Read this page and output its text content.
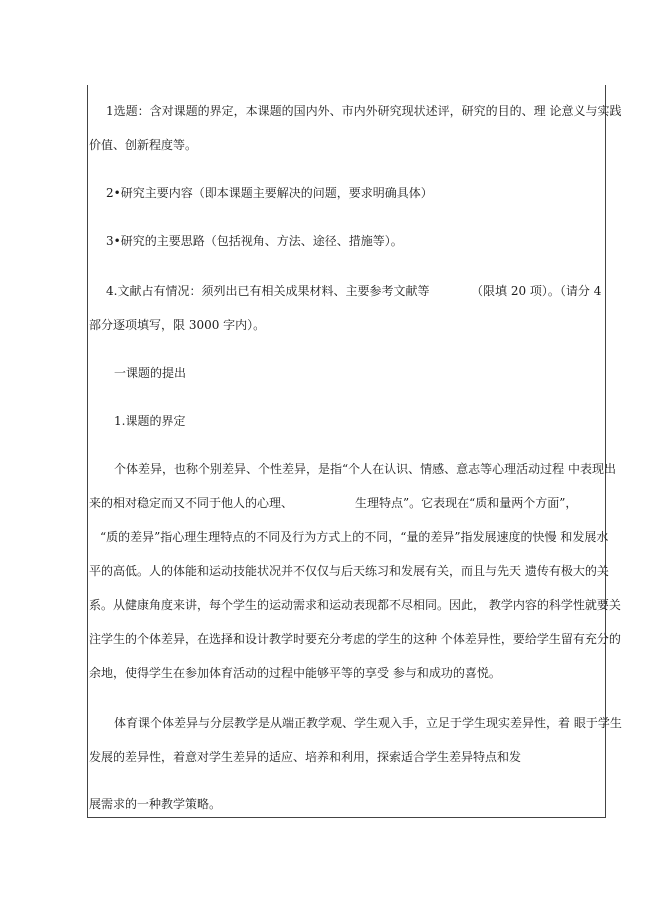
1选题：含对课题的界定，本课题的国内外、市内外研究现状述评，研究的目的、理 论意义与实践
价值、创新程度等。
2•研究主要内容（即本课题主要解决的问题，要求明确具体）
3•研究的主要思路（包括视角、方法、途径、措施等）。
4.文献占有情况：须列出已有相关成果材料、主要参考文献等	（限填 20 项）。（请分 4
部分逐项填写，限 3000 字内）。
一课题的提出
1.课题的界定
个体差异，也称个别差异、个性差异，是指“个人在认识、情感、意志等心理活动过程 中表现出
来的相对稳定而又不同于他人的心理、	生理特点”。它表现在“质和量两个方面”，
“质的差异”指心理生理特点的不同及行为方式上的不同，“量的差异”指发展速度的快慢 和发展水
平的高低。人的体能和运动技能状况并不仅仅与后天练习和发展有关，而且与先天 遗传有极大的关
系。从健康角度来讲，每个学生的运动需求和运动表现都不尽相同。因此， 教学内容的科学性就要关
注学生的个体差异，在选择和设计教学时要充分考虑的学生的这种 个体差异性，要给学生留有充分的
余地，使得学生在参加体育活动的过程中能够平等的享受 参与和成功的喜悦。
体育课个体差异与分层教学是从端正教学观、学生观入手，立足于学生现实差异性，着 眼于学生
发展的差异性，着意对学生差异的适应、培养和利用，探索适合学生差异特点和发
展需求的一种教学策略。
